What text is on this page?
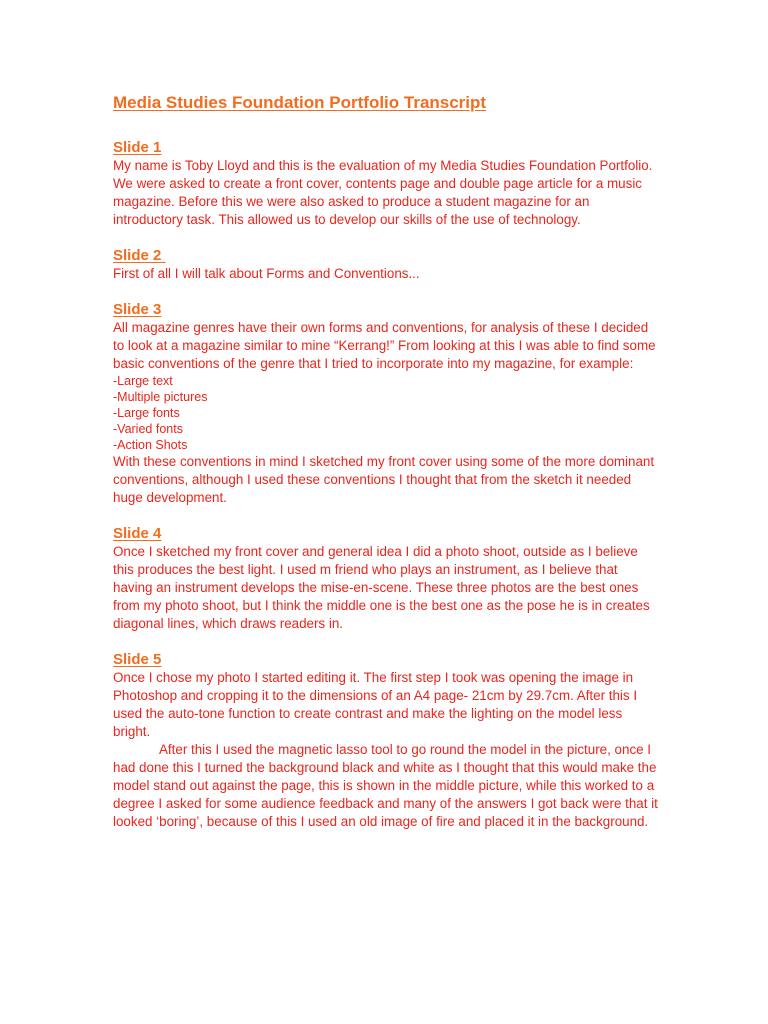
Media Studies Foundation Portfolio Transcript
Slide 1

My name is Toby Lloyd and this is the evaluation of my Media Studies Foundation Portfolio. We were asked to create a front cover, contents page and double page article for a music magazine. Before this we were also asked to produce a student magazine for an introductory task. This allowed us to develop our skills of the use of technology.

Slide 2

First of all I will talk about Forms and Conventions...

Slide 3

All magazine genres have their own forms and conventions, for analysis of these I decided to look at a magazine similar to mine “Kerrang!” From looking at this I was able to find some basic conventions of the genre that I tried to incorporate into my magazine, for example:

-Large text
-Multiple pictures
-Large fonts
-Varied fonts
-Action Shots

With these conventions in mind I sketched my front cover using some of the more dominant conventions, although I used these conventions I thought that from the sketch it needed huge development.

Slide 4

Once I sketched my front cover and general idea I did a photo shoot, outside as I believe this produces the best light. I used m friend who plays an instrument, as I believe that having an instrument develops the mise-en-scene. These three photos are the best ones from my photo shoot, but I think the middle one is the best one as the pose he is in creates diagonal lines, which draws readers in.

Slide 5

Once I chose my photo I started editing it. The first step I took was opening the image in Photoshop and cropping it to the dimensions of an A4 page- 21cm by 29.7cm. After this I used the auto-tone function to create contrast and make the lighting on the model less bright.

After this I used the magnetic lasso tool to go round the model in the picture, once I had done this I turned the background black and white as I thought that this would make the model stand out against the page, this is shown in the middle picture, while this worked to a degree I asked for some audience feedback and many of the answers I got back were that it looked ‘boring’, because of this I used an old image of fire and placed it in the background.
